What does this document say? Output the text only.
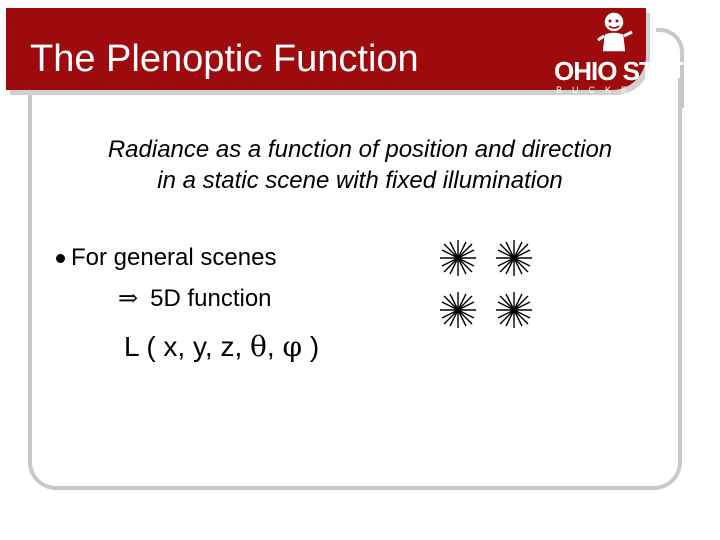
The Plenoptic Function	OHIO STATE
BUCKEYES
Radiance as a function of position and direction
in a static scene with fixed illumination
For general scenes
⇒ 5D function
L ( x, y, z, θ, φ )
